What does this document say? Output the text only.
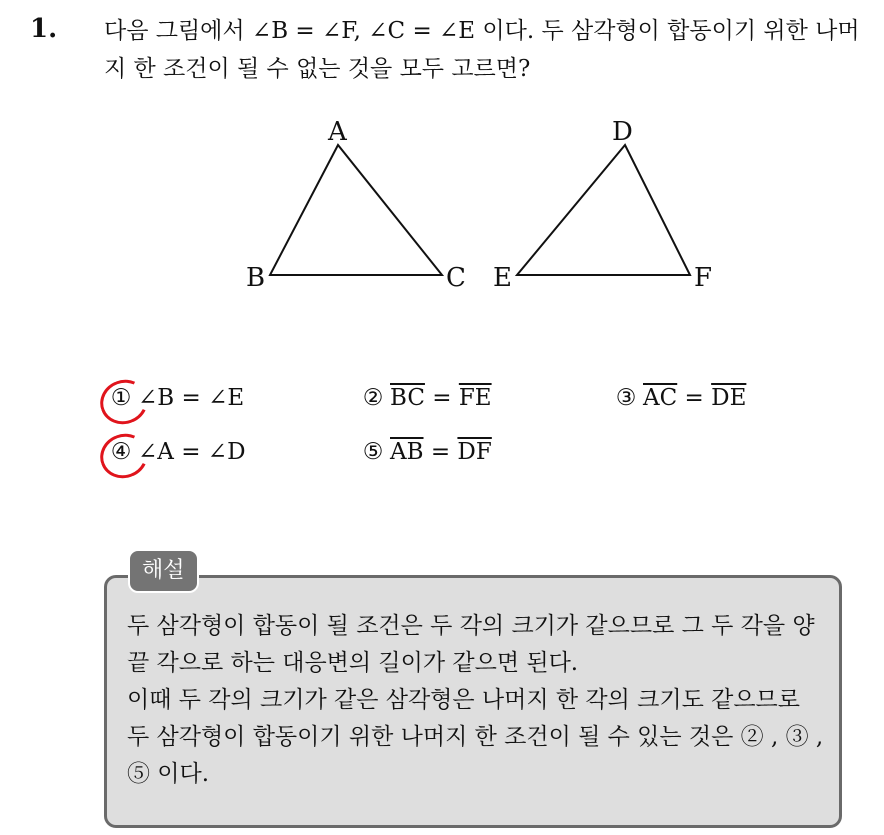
1. 다음 그림에서 ∠B = ∠F, ∠C = ∠E 이다. 두 삼각형이 합동이기 위한 나머지 한 조건이 될 수 없는 것을 모두 고르면?
A
B	C
D
E	F
① ∠B = ∠E	② $\overline{BC} = \overline{FE}$	③ $\overline{AC} = \overline{DE}$
④ ∠A = ∠D	⑤ $\overline{AB} = \overline{DF}$
해설
두 삼각형이 합동이 될 조건은 두 각의 크기가 같으므로 그 두 각을 양 끝 각으로 하는 대응변의 길이가 같으면 된다.
이때 두 각의 크기가 같은 삼각형은 나머지 한 각의 크기도 같으므로 두 삼각형이 합동이기 위한 나머지 한 조건이 될 수 있는 것은 ② , ③ , ⑤ 이다.
